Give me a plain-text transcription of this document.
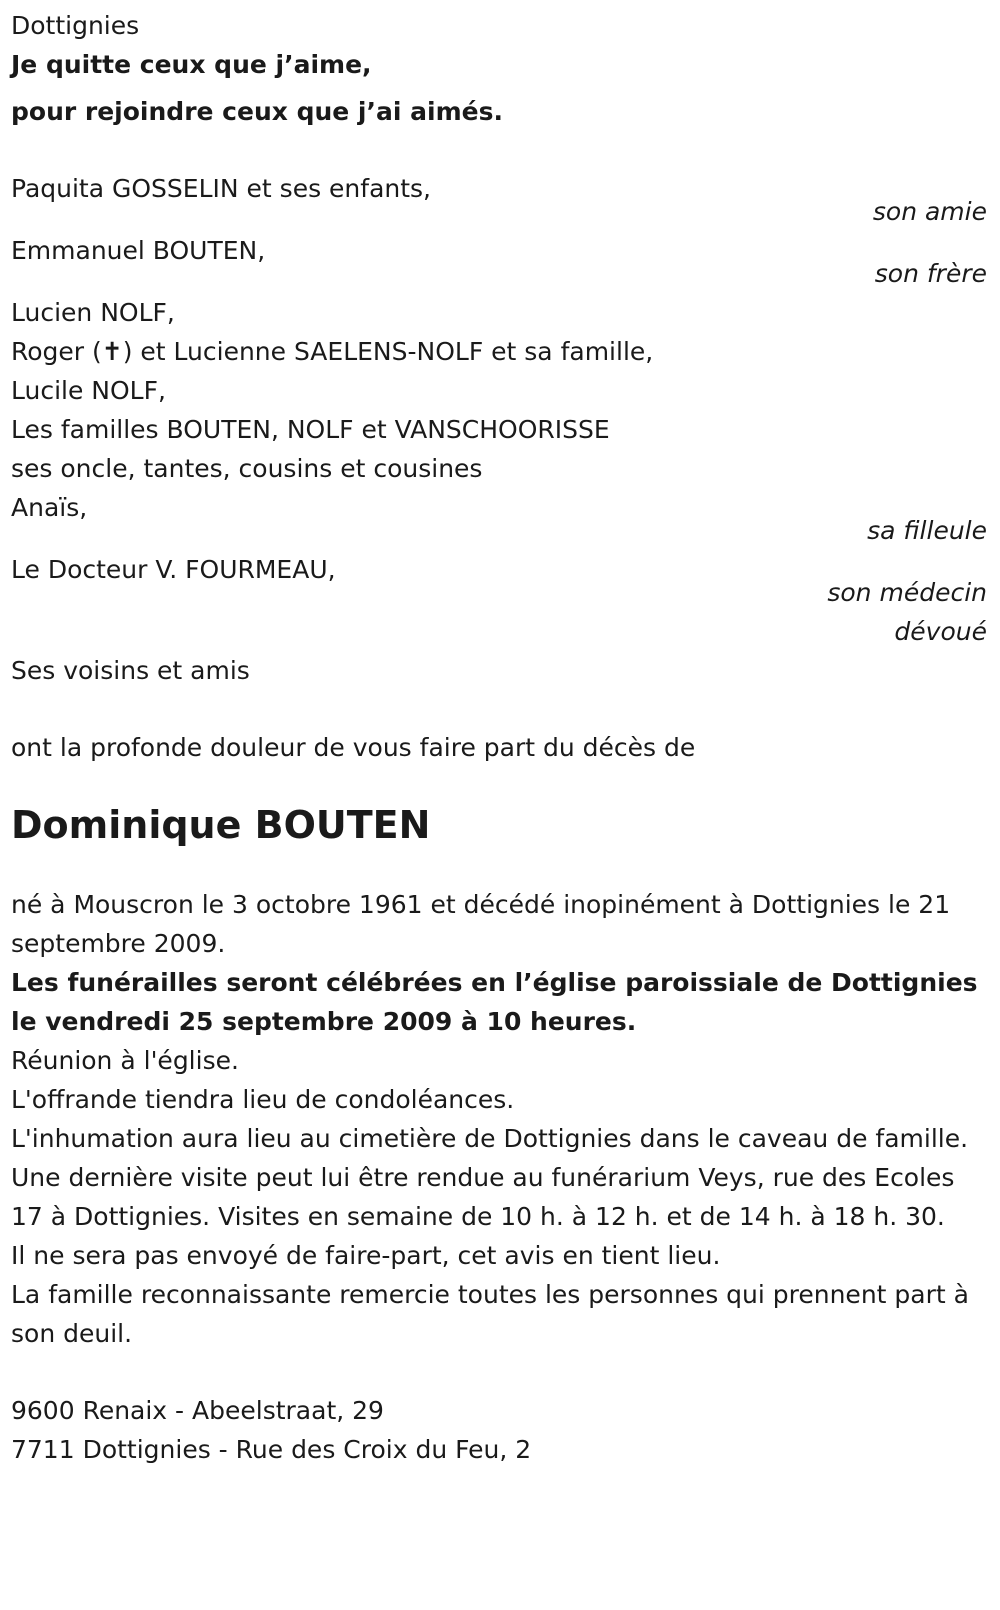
Dottignies
Je quitte ceux que j’aime,
pour rejoindre ceux que j’ai aimés.
Paquita GOSSELIN et ses enfants,
son amie
Emmanuel BOUTEN,
son frère
Lucien NOLF,
Roger (✝) et Lucienne SAELENS-NOLF et sa famille,
Lucile NOLF,
Les familles BOUTEN, NOLF et VANSCHOORISSE
ses oncle, tantes, cousins et cousines
Anaïs,
sa filleule
Le Docteur V. FOURMEAU,
son médecin
dévoué
Ses voisins et amis
ont la profonde douleur de vous faire part du décès de
Dominique BOUTEN
né à Mouscron le 3 octobre 1961 et décédé inopinément à Dottignies le 21 septembre 2009.
Les funérailles seront célébrées en l’église paroissiale de Dottignies le vendredi 25 septembre 2009 à 10 heures.
Réunion à l'église.
L'offrande tiendra lieu de condoléances.
L'inhumation aura lieu au cimetière de Dottignies dans le caveau de famille.
Une dernière visite peut lui être rendue au funérarium Veys, rue des Ecoles 17 à Dottignies. Visites en semaine de 10 h. à 12 h. et de 14 h. à 18 h. 30.
Il ne sera pas envoyé de faire-part, cet avis en tient lieu.
La famille reconnaissante remercie toutes les personnes qui prennent part à son deuil.
9600 Renaix - Abeelstraat, 29
7711 Dottignies - Rue des Croix du Feu, 2
